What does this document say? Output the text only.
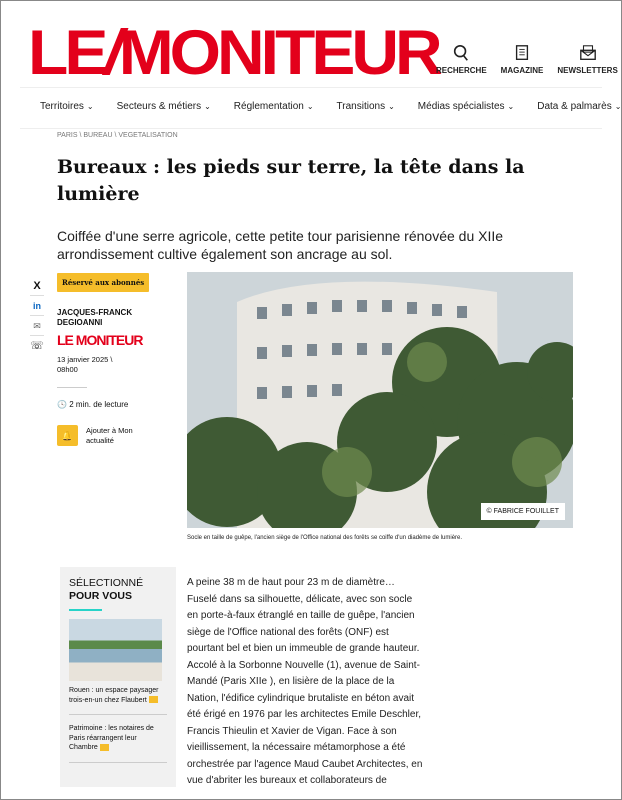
LE/MONITEUR
RECHERCHE MAGAZINE NEWSLETTERS
Territoires ⌄ Secteurs & métiers ⌄ Réglementation ⌄ Transitions ⌄ Médias spécialistes ⌄ Data & palmarès ⌄
PARIS \ BUREAU \ VEGETALISATION
Bureaux : les pieds sur terre, la tête dans la lumière

Coiffée d'une serre agricole, cette petite tour parisienne rénovée du XIIe arrondissement cultive également son ancrage au sol.

X
in
✉
☏
Réservé aux abonnés
JACQUES-FRANCK DEGIOANNI
LE MONITEUR
13 janvier 2025 \
08h00
🕓 2 min. de lecture
🔔
Ajouter à Mon actualité
© FABRICE FOUILLET
Socle en taille de guêpe, l'ancien siège de l'Office national des forêts se coiffe d'un diadème de lumière.
SÉLECTIONNÉ
POUR VOUS

Rouen : un espace paysager trois-en-un chez Flaubert

Patrimoine : les notaires de Paris réarrangent leur Chambre

A peine 38 m de haut pour 23 m de diamètre… Fuselé dans sa silhouette, délicate, avec son socle en porte-à-faux étranglé en taille de guêpe, l'ancien siège de l'Office national des forêts (ONF) est pourtant bel et bien un immeuble de grande hauteur. Accolé à la Sorbonne Nouvelle (1), avenue de Saint-Mandé (Paris XIIe ), en lisière de la place de la Nation, l'édifice cylindrique brutaliste en béton avait été érigé en 1976 par les architectes Emile Deschler, Francis Thieulin et Xavier de Vigan. Face à son vieillissement, la nécessaire métamorphose a été orchestrée par l'agence Maud Caubet Architectes, en vue d'abriter les bureaux et collaborateurs de
